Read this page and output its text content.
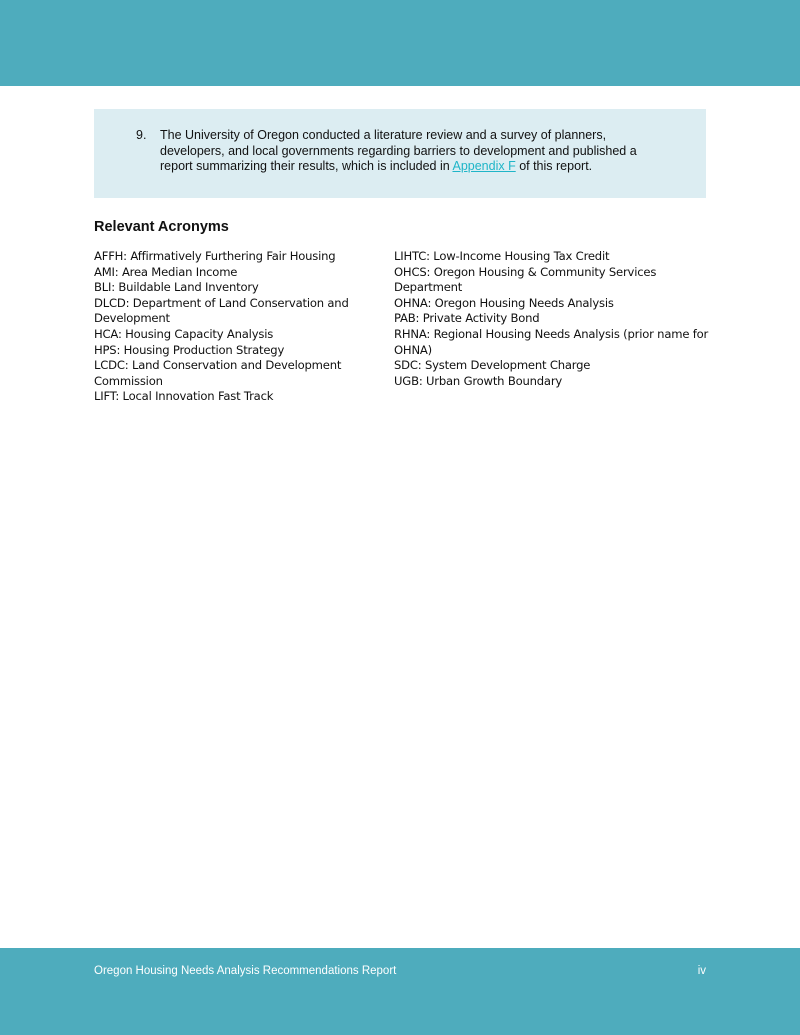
9. The University of Oregon conducted a literature review and a survey of planners, developers, and local governments regarding barriers to development and published a report summarizing their results, which is included in Appendix F of this report.
Relevant Acronyms

AFFH: Affirmatively Furthering Fair Housing

AMI: Area Median Income

BLI: Buildable Land Inventory

DLCD: Department of Land Conservation and Development

HCA: Housing Capacity Analysis

HPS: Housing Production Strategy

LCDC: Land Conservation and Development Commission

LIFT: Local Innovation Fast Track

LIHTC: Low-Income Housing Tax Credit

OHCS: Oregon Housing & Community Services Department

OHNA: Oregon Housing Needs Analysis

PAB: Private Activity Bond

RHNA: Regional Housing Needs Analysis (prior name for OHNA)

SDC: System Development Charge

UGB: Urban Growth Boundary

Oregon Housing Needs Analysis Recommendations Report	iv
